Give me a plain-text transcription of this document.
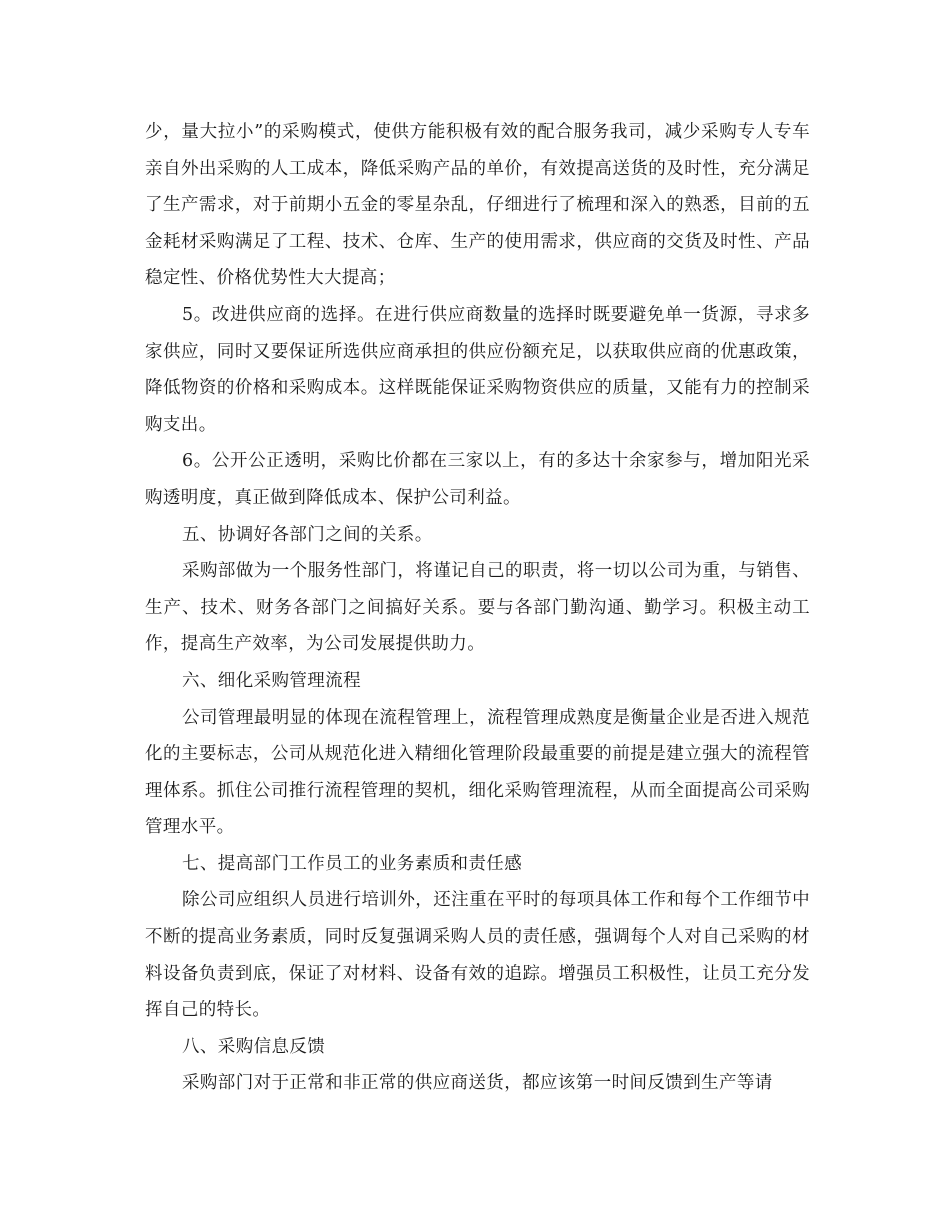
少，量大拉小”的采购模式，使供方能积极有效的配合服务我司，减少采购专人专车亲自外出采购的人工成本，降低采购产品的单价，有效提高送货的及时性，充分满足了生产需求，对于前期小五金的零星杂乱，仔细进行了梳理和深入的熟悉，目前的五金耗材采购满足了工程、技术、仓库、生产的使用需求，供应商的交货及时性、产品稳定性、价格优势性大大提高；

5。改进供应商的选择。在进行供应商数量的选择时既要避免单一货源，寻求多家供应，同时又要保证所选供应商承担的供应份额充足，以获取供应商的优惠政策，降低物资的价格和采购成本。这样既能保证采购物资供应的质量，又能有力的控制采购支出。

6。公开公正透明，采购比价都在三家以上，有的多达十余家参与，增加阳光采购透明度，真正做到降低成本、保护公司利益。

五、协调好各部门之间的关系。

采购部做为一个服务性部门，将谨记自己的职责，将一切以公司为重，与销售、生产、技术、财务各部门之间搞好关系。要与各部门勤沟通、勤学习。积极主动工作，提高生产效率，为公司发展提供助力。

六、细化采购管理流程

公司管理最明显的体现在流程管理上，流程管理成熟度是衡量企业是否进入规范化的主要标志，公司从规范化进入精细化管理阶段最重要的前提是建立强大的流程管理体系。抓住公司推行流程管理的契机，细化采购管理流程，从而全面提高公司采购管理水平。

七、提高部门工作员工的业务素质和责任感

除公司应组织人员进行培训外，还注重在平时的每项具体工作和每个工作细节中不断的提高业务素质，同时反复强调采购人员的责任感，强调每个人对自己采购的材料设备负责到底，保证了对材料、设备有效的追踪。增强员工积极性，让员工充分发挥自己的特长。

八、采购信息反馈

采购部门对于正常和非正常的供应商送货，都应该第一时间反馈到生产等请
